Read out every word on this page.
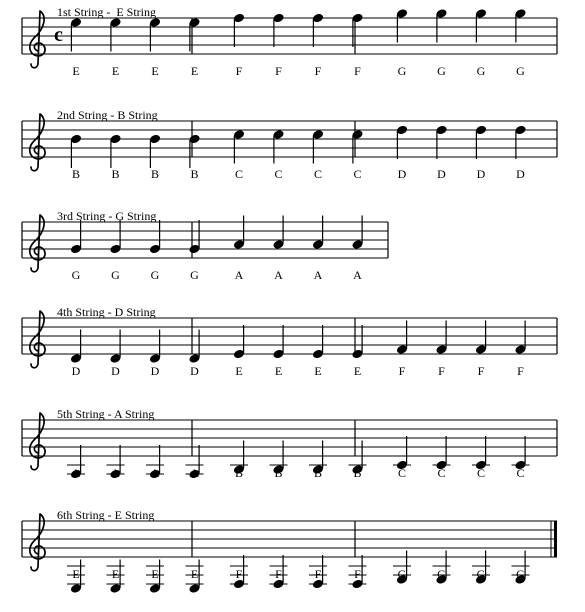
1st String -  E String
c
E	E	E	E	F	F	F	F	G	G	G	G
2nd String - B String
B	B	B	B	C	C	C	C	D	D	D	D
3rd String - G String
G	G	G	G	A	A	A	A
4th String - D String
D	D	D	D	E	E	E	E	F	F	F	F
5th String - A String
A	A	A	A	B	B	B	B	C	C	C	C
6th String - E String
E	E	E	E	F	F	F	F	G	G	G	G
